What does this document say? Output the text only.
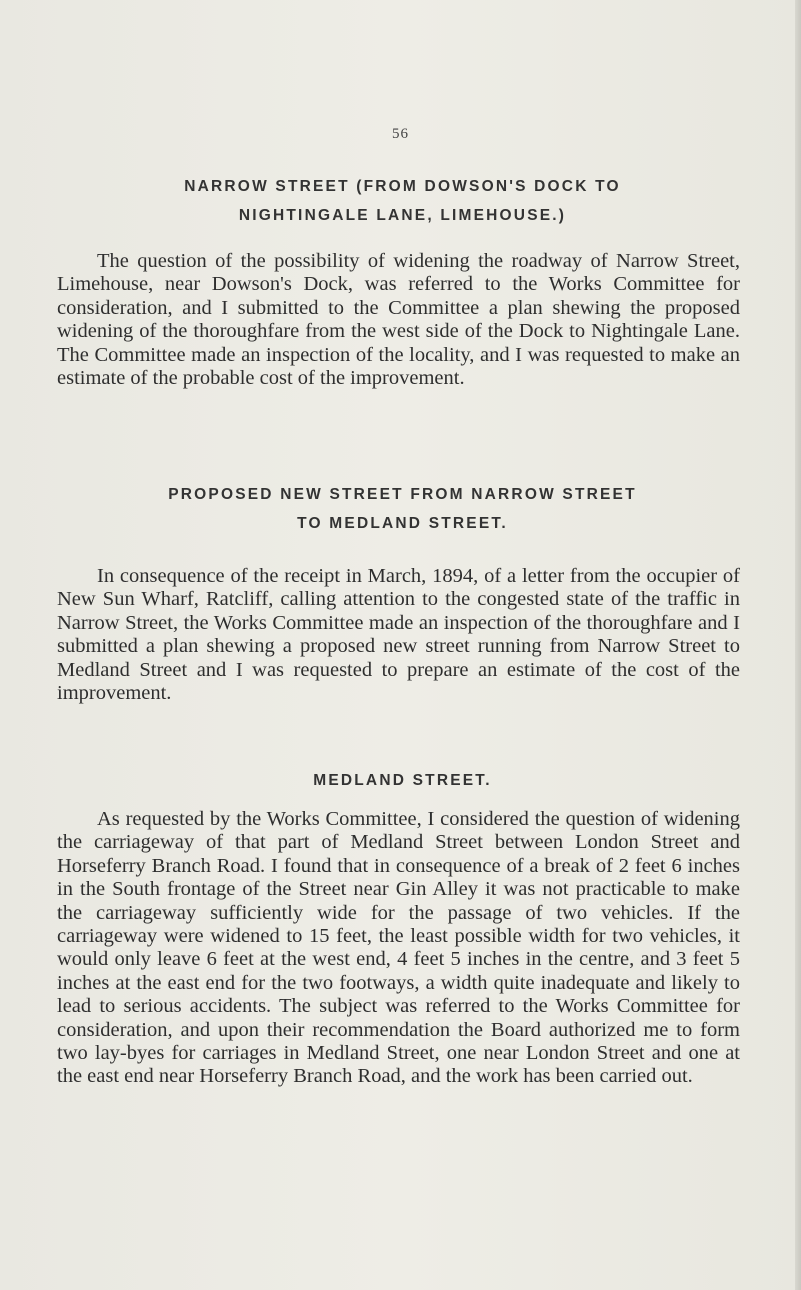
56
NARROW STREET (FROM DOWSON'S DOCK TO
NIGHTINGALE LANE, LIMEHOUSE.)

The question of the possibility of widening the roadway of Narrow Street, Limehouse, near Dowson's Dock, was referred to the Works Committee for consideration, and I submitted to the Committee a plan shewing the proposed widening of the thoroughfare from the west side of the Dock to Nightingale Lane. The Committee made an inspection of the locality, and I was requested to make an estimate of the probable cost of the improvement.

PROPOSED NEW STREET FROM NARROW STREET
TO MEDLAND STREET.

In consequence of the receipt in March, 1894, of a letter from the occupier of New Sun Wharf, Ratcliff, calling attention to the congested state of the traffic in Narrow Street, the Works Committee made an inspection of the thoroughfare and I submitted a plan shewing a proposed new street running from Narrow Street to Medland Street and I was requested to prepare an estimate of the cost of the improvement.

MEDLAND STREET.

As requested by the Works Committee, I considered the question of widening the carriageway of that part of Medland Street between London Street and Horseferry Branch Road. I found that in consequence of a break of 2 feet 6 inches in the South frontage of the Street near Gin Alley it was not practicable to make the carriageway sufficiently wide for the passage of two vehicles. If the carriageway were widened to 15 feet, the least possible width for two vehicles, it would only leave 6 feet at the west end, 4 feet 5 inches in the centre, and 3 feet 5 inches at the east end for the two footways, a width quite inadequate and likely to lead to serious accidents. The subject was referred to the Works Committee for consideration, and upon their recommendation the Board authorized me to form two lay-byes for carriages in Medland Street, one near London Street and one at the east end near Horseferry Branch Road, and the work has been carried out.
